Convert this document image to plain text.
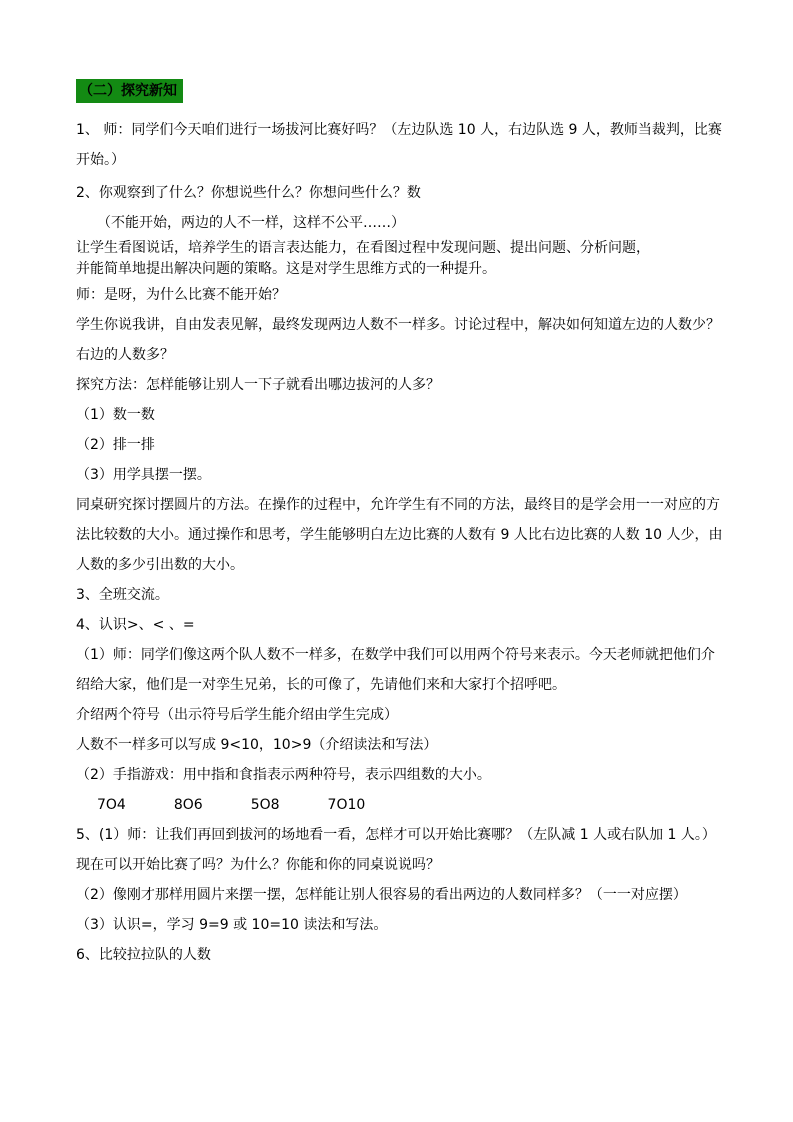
（二）探究新知

1、 师：同学们今天咱们进行一场拔河比赛好吗？（左边队选 10 人，右边队选 9 人，教师当裁判，比赛开始。）

2、你观察到了什么？你想说些什么？你想问些什么？数

（不能开始，两边的人不一样，这样不公平……）

让学生看图说话，培养学生的语言表达能力，在看图过程中发现问题、提出问题、分析问题，

并能简单地提出解决问题的策略。这是对学生思维方式的一种提升。

师：是呀，为什么比赛不能开始？

学生你说我讲，自由发表见解，最终发现两边人数不一样多。讨论过程中，解决如何知道左边的人数少？右边的人数多？

探究方法：怎样能够让别人一下子就看出哪边拔河的人多？

（1）数一数

（2）排一排

（3）用学具摆一摆。

同桌研究探讨摆圆片的方法。在操作的过程中，允许学生有不同的方法，最终目的是学会用一一对应的方法比较数的大小。通过操作和思考，学生能够明白左边比赛的人数有 9 人比右边比赛的人数 10 人少，由人数的多少引出数的大小。

3、全班交流。

4、认识>、< 、=

（1）师：同学们像这两个队人数不一样多，在数学中我们可以用两个符号来表示。今天老师就把他们介绍给大家，他们是一对孪生兄弟，长的可像了，先请他们来和大家打个招呼吧。

介绍两个符号（出示符号后学生能介绍由学生完成）

人数不一样多可以写成 9<10，10>9（介绍读法和写法）

（2）手指游戏：用中指和食指表示两种符号，表示四组数的大小。

7O4	8O6	5O8	7O10

5、(1）师：让我们再回到拔河的场地看一看，怎样才可以开始比赛哪？（左队减 1 人或右队加 1 人。）现在可以开始比赛了吗？为什么？你能和你的同桌说说吗？

（2）像刚才那样用圆片来摆一摆，怎样能让别人很容易的看出两边的人数同样多？（一一对应摆）

（3）认识=，学习 9=9 或 10=10 读法和写法。

6、比较拉拉队的人数
